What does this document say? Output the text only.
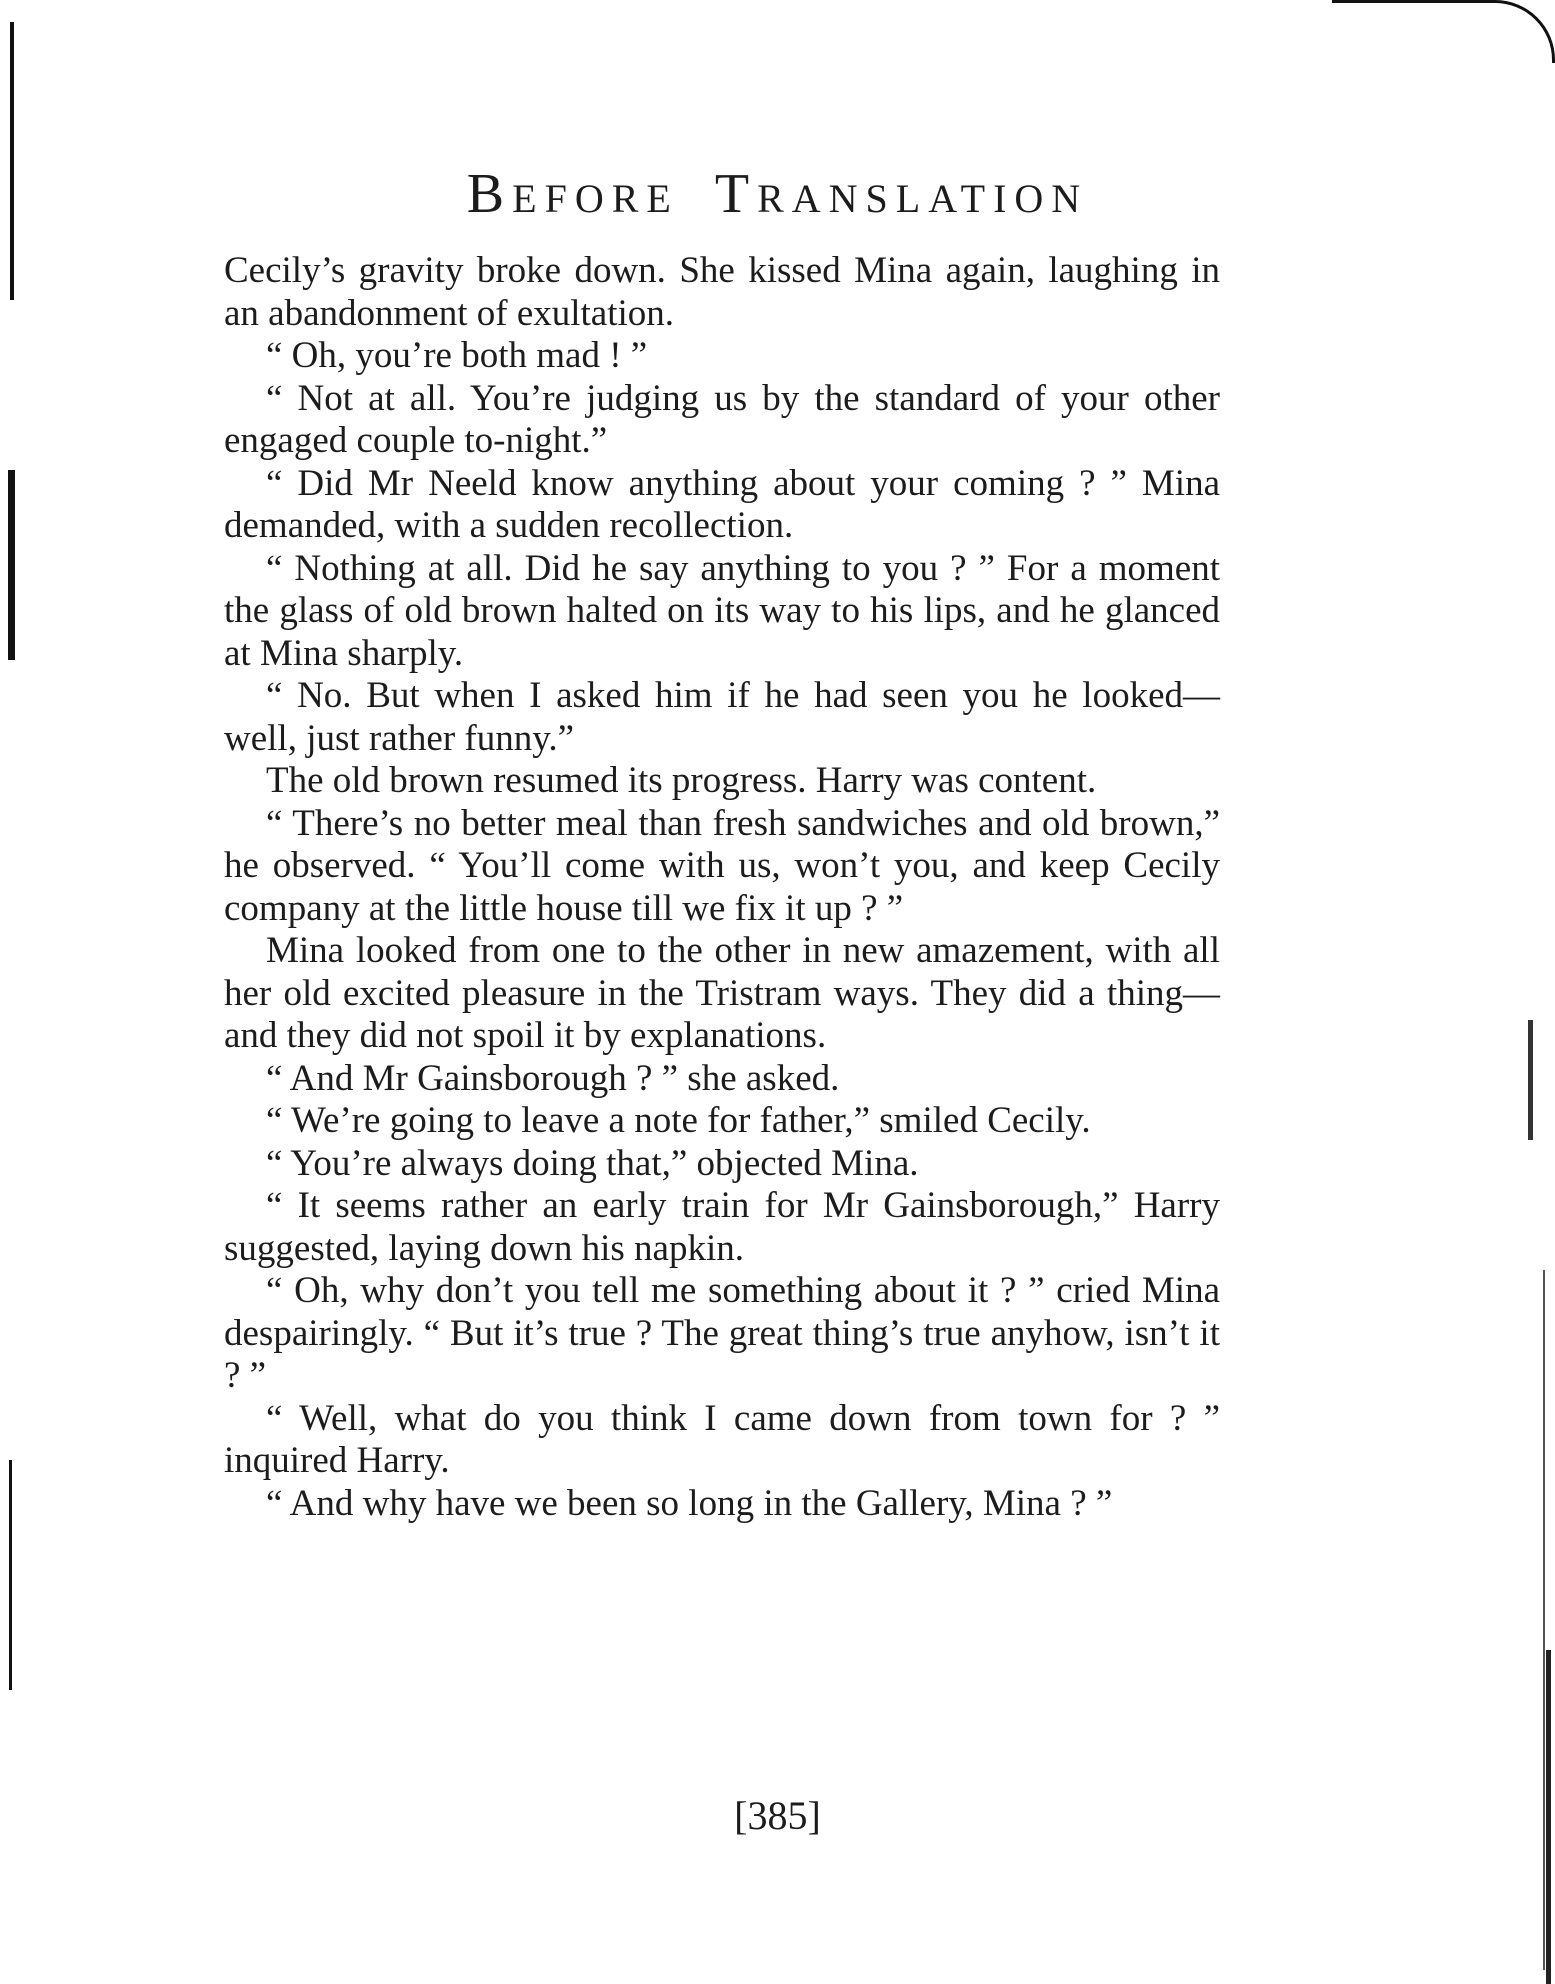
BEFORE TRANSLATION

Cecily’s gravity broke down. She kissed Mina again, laughing in an abandonment of exultation.

“ Oh, you’re both mad ! ”

“ Not at all. You’re judging us by the standard of your other engaged couple to-night.”

“ Did Mr Neeld know anything about your coming ? ” Mina demanded, with a sudden recollection.

“ Nothing at all. Did he say anything to you ? ” For a moment the glass of old brown halted on its way to his lips, and he glanced at Mina sharply.

“ No. But when I asked him if he had seen you he looked—well, just rather funny.”

The old brown resumed its progress. Harry was content.

“ There’s no better meal than fresh sandwiches and old brown,” he observed. “ You’ll come with us, won’t you, and keep Cecily company at the little house till we fix it up ? ”

Mina looked from one to the other in new amazement, with all her old excited pleasure in the Tristram ways. They did a thing—and they did not spoil it by explanations.

“ And Mr Gainsborough ? ” she asked.

“ We’re going to leave a note for father,” smiled Cecily.

“ You’re always doing that,” objected Mina.

“ It seems rather an early train for Mr Gainsborough,” Harry suggested, laying down his napkin.

“ Oh, why don’t you tell me something about it ? ” cried Mina despairingly. “ But it’s true ? The great thing’s true anyhow, isn’t it ? ”

“ Well, what do you think I came down from town for ? ” inquired Harry.

“ And why have we been so long in the Gallery, Mina ? ”

[385]
